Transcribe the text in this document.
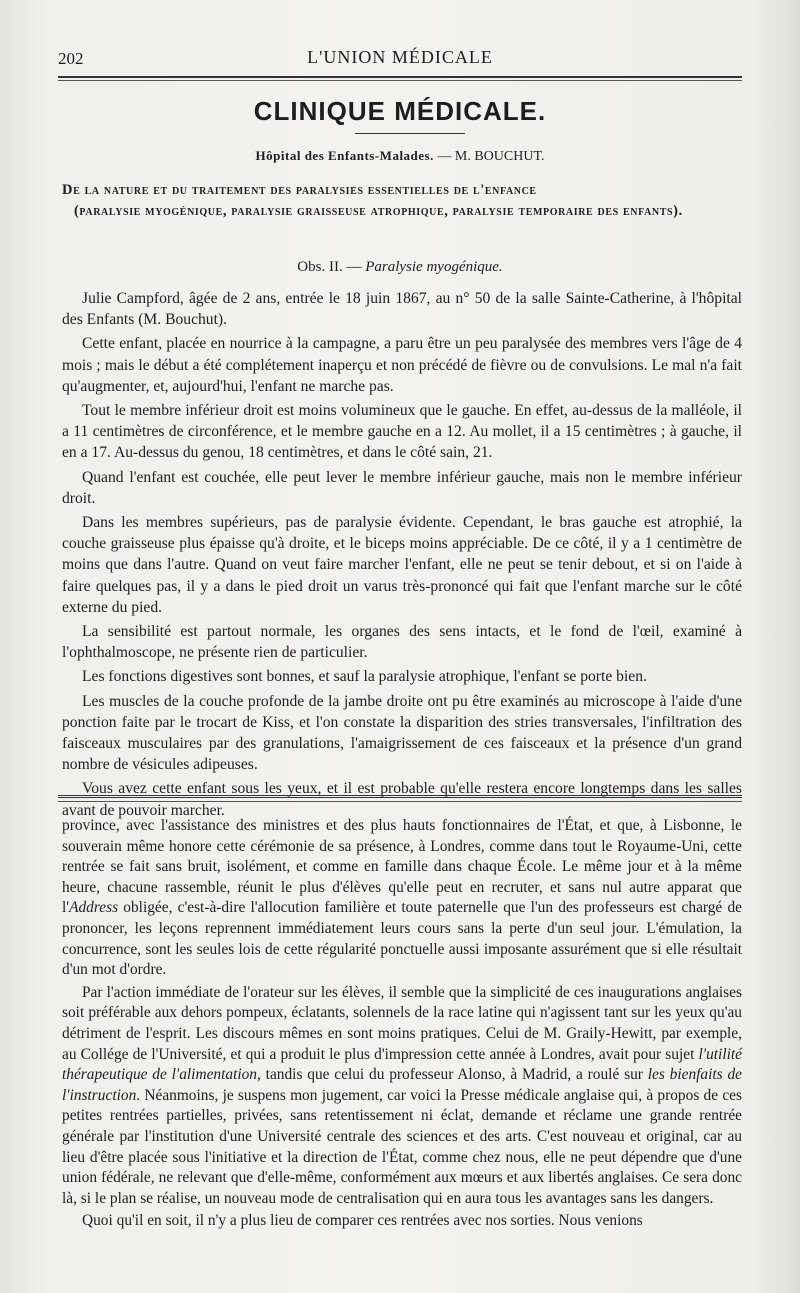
202	L'UNION MÉDICALE
CLINIQUE MÉDICALE.
Hôpital des Enfants-Malades. — M. BOUCHUT.
De la nature et du traitement des paralysies essentielles de l'enfance
(paralysie myogénique, paralysie graisseuse atrophique, paralysie temporaire des enfants).
Obs. II. — Paralysie myogénique.

Julie Campford, âgée de 2 ans, entrée le 18 juin 1867, au n° 50 de la salle Sainte-Catherine, à l'hôpital des Enfants (M. Bouchut).

Cette enfant, placée en nourrice à la campagne, a paru être un peu paralysée des membres vers l'âge de 4 mois ; mais le début a été complétement inaperçu et non précédé de fièvre ou de convulsions. Le mal n'a fait qu'augmenter, et, aujourd'hui, l'enfant ne marche pas.

Tout le membre inférieur droit est moins volumineux que le gauche. En effet, au-dessus de la malléole, il a 11 centimètres de circonférence, et le membre gauche en a 12. Au mollet, il a 15 centimètres ; à gauche, il en a 17. Au-dessus du genou, 18 centimètres, et dans le côté sain, 21.

Quand l'enfant est couchée, elle peut lever le membre inférieur gauche, mais non le membre inférieur droit.

Dans les membres supérieurs, pas de paralysie évidente. Cependant, le bras gauche est atrophié, la couche graisseuse plus épaisse qu'à droite, et le biceps moins appréciable. De ce côté, il y a 1 centimètre de moins que dans l'autre. Quand on veut faire marcher l'enfant, elle ne peut se tenir debout, et si on l'aide à faire quelques pas, il y a dans le pied droit un varus très-prononcé qui fait que l'enfant marche sur le côté externe du pied.

La sensibilité est partout normale, les organes des sens intacts, et le fond de l'œil, examiné à l'ophthalmoscope, ne présente rien de particulier.

Les fonctions digestives sont bonnes, et sauf la paralysie atrophique, l'enfant se porte bien.

Les muscles de la couche profonde de la jambe droite ont pu être examinés au microscope à l'aide d'une ponction faite par le trocart de Kiss, et l'on constate la disparition des stries transversales, l'infiltration des faisceaux musculaires par des granulations, l'amaigrissement de ces faisceaux et la présence d'un grand nombre de vésicules adipeuses.

Vous avez cette enfant sous les yeux, et il est probable qu'elle restera encore longtemps dans les salles avant de pouvoir marcher.

province, avec l'assistance des ministres et des plus hauts fonctionnaires de l'État, et que, à Lisbonne, le souverain même honore cette cérémonie de sa présence, à Londres, comme dans tout le Royaume-Uni, cette rentrée se fait sans bruit, isolément, et comme en famille dans chaque École. Le même jour et à la même heure, chacune rassemble, réunit le plus d'élèves qu'elle peut en recruter, et sans nul autre apparat que l'Address obligée, c'est-à-dire l'allocution familière et toute paternelle que l'un des professeurs est chargé de prononcer, les leçons reprennent immédiatement leurs cours sans la perte d'un seul jour. L'émulation, la concurrence, sont les seules lois de cette régularité ponctuelle aussi imposante assurément que si elle résultait d'un mot d'ordre.

Par l'action immédiate de l'orateur sur les élèves, il semble que la simplicité de ces inaugurations anglaises soit préférable aux dehors pompeux, éclatants, solennels de la race latine qui n'agissent tant sur les yeux qu'au détriment de l'esprit. Les discours mêmes en sont moins pratiques. Celui de M. Graily-Hewitt, par exemple, au Collége de l'Université, et qui a produit le plus d'impression cette année à Londres, avait pour sujet l'utilité thérapeutique de l'alimentation, tandis que celui du professeur Alonso, à Madrid, a roulé sur les bienfaits de l'instruction. Néanmoins, je suspens mon jugement, car voici la Presse médicale anglaise qui, à propos de ces petites rentrées partielles, privées, sans retentissement ni éclat, demande et réclame une grande rentrée générale par l'institution d'une Université centrale des sciences et des arts. C'est nouveau et original, car au lieu d'être placée sous l'initiative et la direction de l'État, comme chez nous, elle ne peut dépendre que d'une union fédérale, ne relevant que d'elle-même, conformément aux mœurs et aux libertés anglaises. Ce sera donc là, si le plan se réalise, un nouveau mode de centralisation qui en aura tous les avantages sans les dangers.

Quoi qu'il en soit, il n'y a plus lieu de comparer ces rentrées avec nos sorties. Nous venions
